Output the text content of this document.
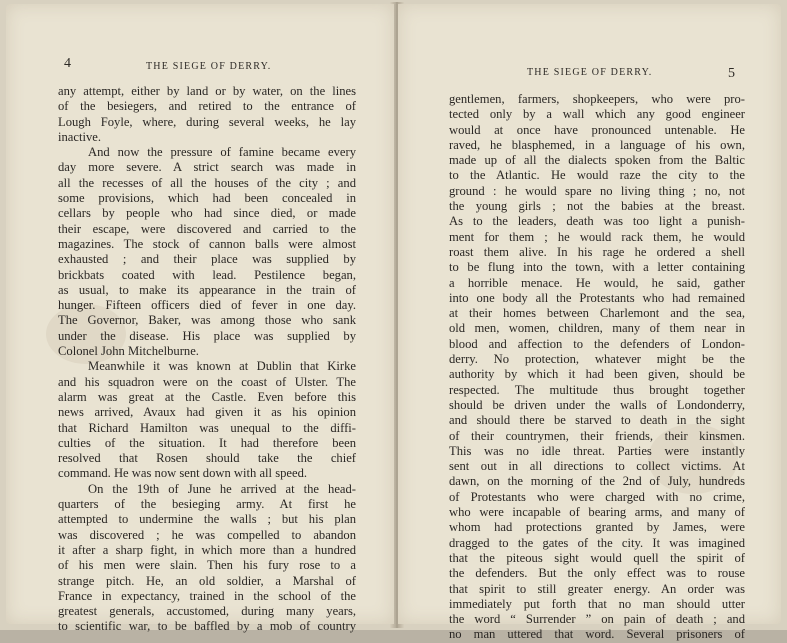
4	THE SIEGE OF DERRY.
any attempt, either by land or by water, on the lines
of the besiegers, and retired to the entrance of
Lough Foyle, where, during several weeks, he lay
inactive.
And now the pressure of famine became every
day more severe. A strict search was made in
all the recesses of all the houses of the city ; and
some provisions, which had been concealed in
cellars by people who had since died, or made
their escape, were discovered and carried to the
magazines. The stock of cannon balls were almost
exhausted ; and their place was supplied by
brickbats coated with lead. Pestilence began,
as usual, to make its appearance in the train of
hunger. Fifteen officers died of fever in one day.
The Governor, Baker, was among those who sank
under the disease. His place was supplied by
Colonel John Mitchelburne.
Meanwhile it was known at Dublin that Kirke
and his squadron were on the coast of Ulster. The
alarm was great at the Castle. Even before this
news arrived, Avaux had given it as his opinion
that Richard Hamilton was unequal to the diffi-
culties of the situation. It had therefore been
resolved that Rosen should take the chief
command. He was now sent down with all speed.
On the 19th of June he arrived at the head-
quarters of the besieging army. At first he
attempted to undermine the walls ; but his plan
was discovered ; he was compelled to abandon
it after a sharp fight, in which more than a hundred
of his men were slain. Then his fury rose to a
strange pitch. He, an old soldier, a Marshal of
France in expectancy, trained in the school of the
greatest generals, accustomed, during many years,
to scientific war, to be baffled by a mob of country
THE SIEGE OF DERRY.	5
gentlemen, farmers, shopkeepers, who were pro-
tected only by a wall which any good engineer
would at once have pronounced untenable. He
raved, he blasphemed, in a language of his own,
made up of all the dialects spoken from the Baltic
to the Atlantic. He would raze the city to the
ground : he would spare no living thing ; no, not
the young girls ; not the babies at the breast.
As to the leaders, death was too light a punish-
ment for them ; he would rack them, he would
roast them alive. In his rage he ordered a shell
to be flung into the town, with a letter containing
a horrible menace. He would, he said, gather
into one body all the Protestants who had remained
at their homes between Charlemont and the sea,
old men, women, children, many of them near in
blood and affection to the defenders of London-
derry. No protection, whatever might be the
authority by which it had been given, should be
respected. The multitude thus brought together
should be driven under the walls of Londonderry,
and should there be starved to death in the sight
of their countrymen, their friends, their kinsmen.
This was no idle threat. Parties were instantly
sent out in all directions to collect victims. At
dawn, on the morning of the 2nd of July, hundreds
of Protestants who were charged with no crime,
who were incapable of bearing arms, and many of
whom had protections granted by James, were
dragged to the gates of the city. It was imagined
that the piteous sight would quell the spirit of
the defenders. But the only effect was to rouse
that spirit to still greater energy. An order was
immediately put forth that no man should utter
the word “ Surrender ” on pain of death ; and
no man uttered that word. Several prisoners of
